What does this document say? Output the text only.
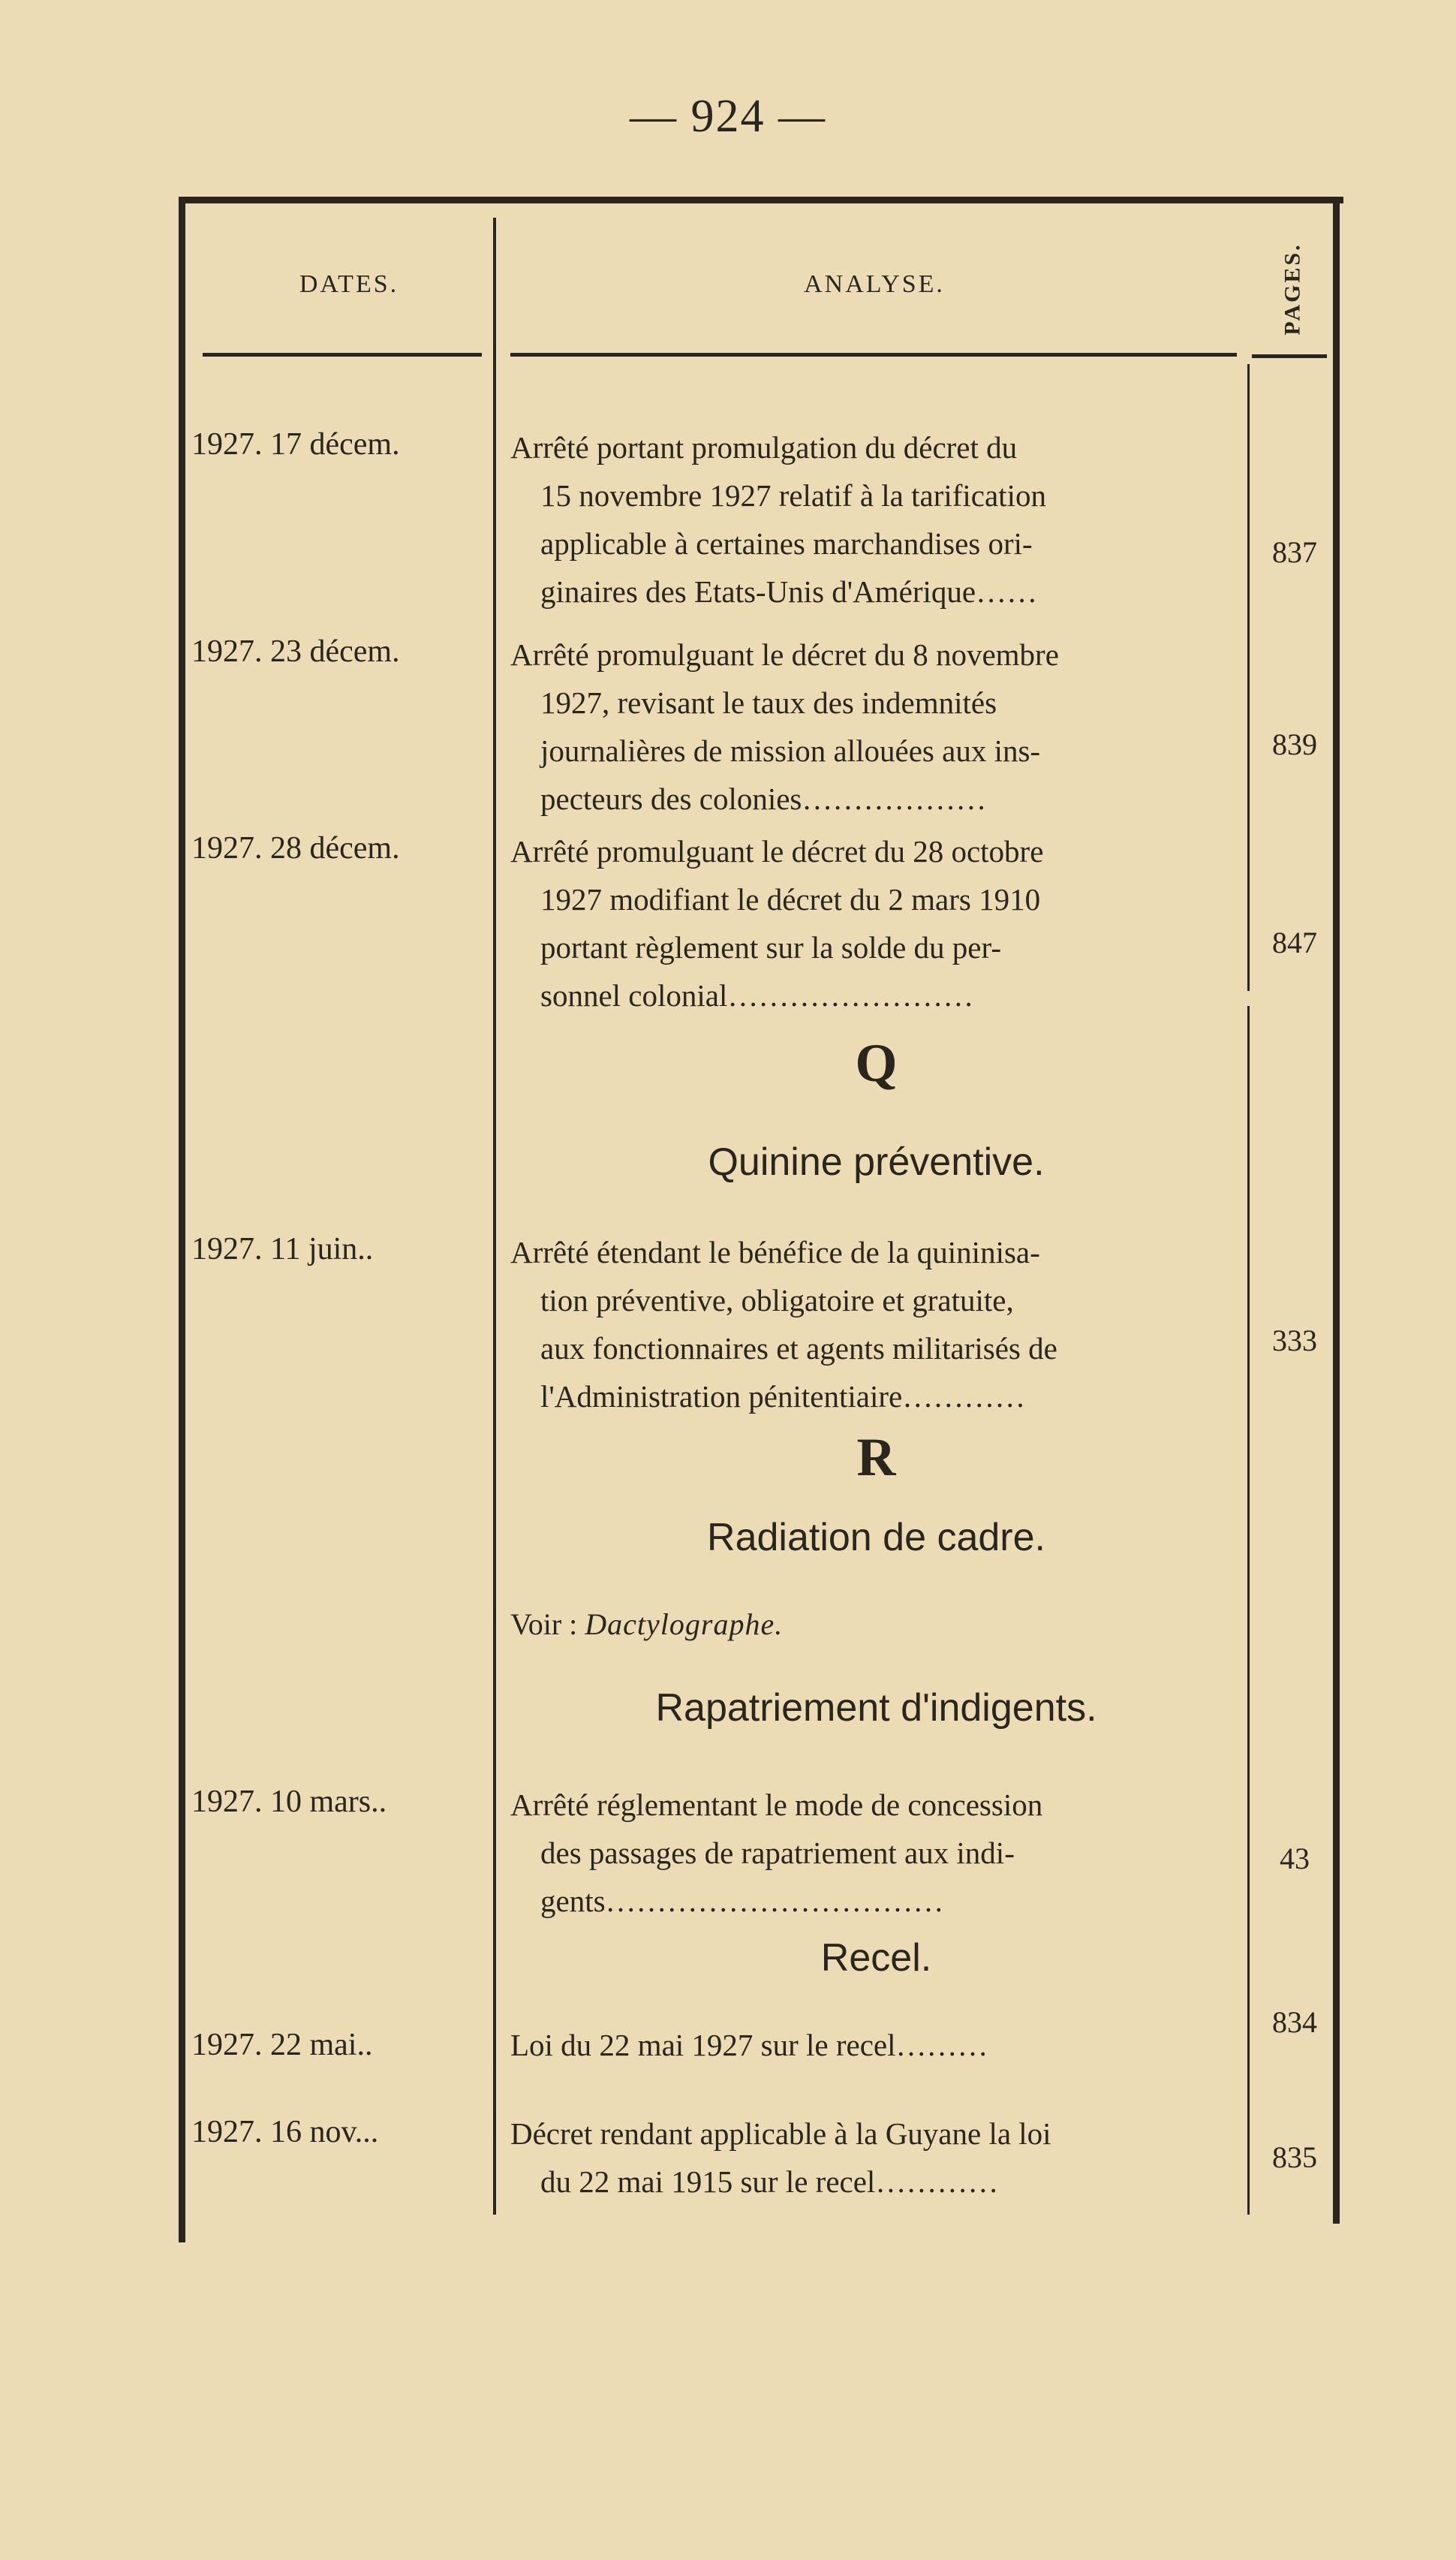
— 924 —
DATES.	ANALYSE.	PAGES.
1927. 17 décem.	Arrêté portant promulgation du décret du

15 novembre 1927 relatif à la tarification

applicable à certaines marchandises ori-

ginaires des Etats-Unis d'Amérique……

837
1927. 23 décem.	Arrêté promulguant le décret du 8 novembre

1927, revisant le taux des indemnités

journalières de mission allouées aux ins-

pecteurs des colonies………………

839
1927. 28 décem.	Arrêté promulguant le décret du 28 octobre

1927 modifiant le décret du 2 mars 1910

portant règlement sur la solde du per-

sonnel colonial……………………

847
Q
Quinine préventive.
1927. 11 juin..	Arrêté étendant le bénéfice de la quininisa-

tion préventive, obligatoire et gratuite,

aux fonctionnaires et agents militarisés de

l'Administration pénitentiaire…………

333
R
Radiation de cadre.
Voir : Dactylographe.
Rapatriement d'indigents.
1927. 10 mars..	Arrêté réglementant le mode de concession

des passages de rapatriement aux indi-

gents……………………………

43
Recel.
1927. 22 mai..	Loi du 22 mai 1927 sur le recel………

834
1927. 16 nov...	Décret rendant applicable à la Guyane la loi

du 22 mai 1915 sur le recel…………

835
